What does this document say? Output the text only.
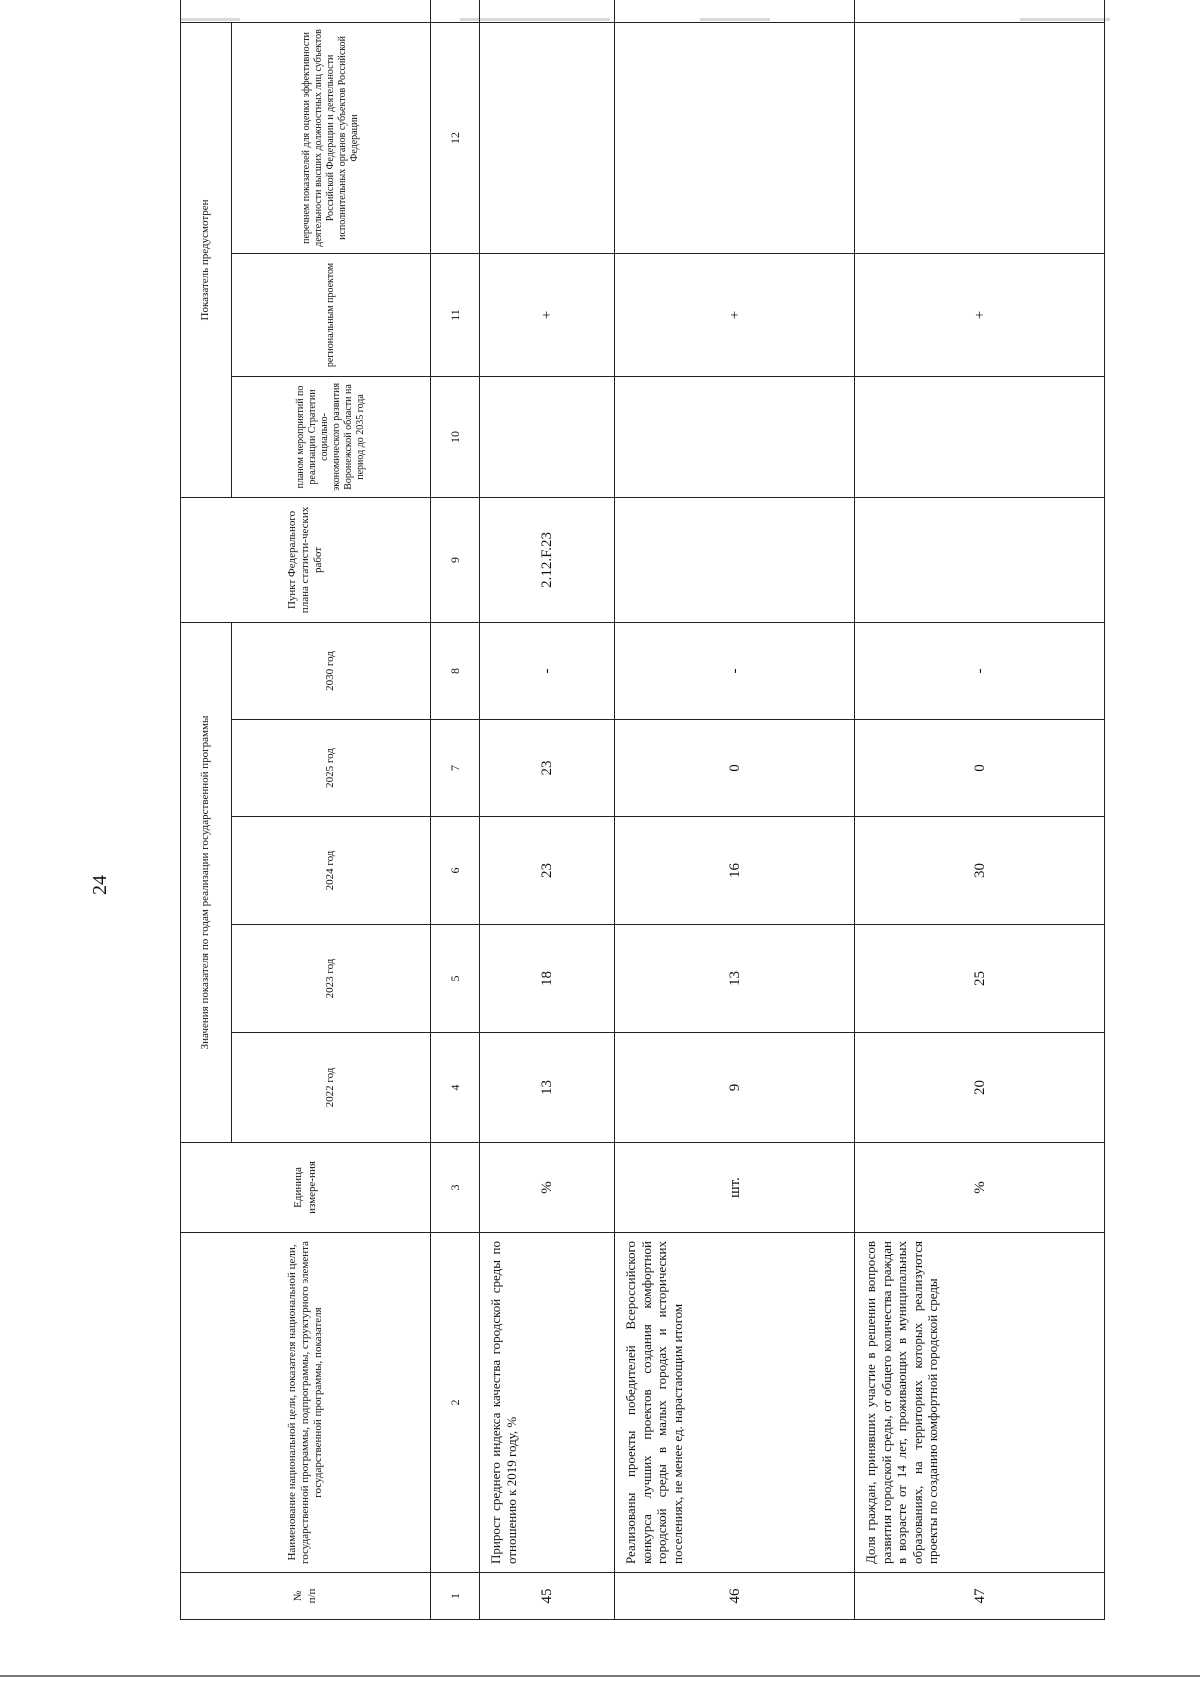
24
№
п/п	Наименование национальной цели, показателя национальной цели, государственной программы, подпрограммы, структурного элемента государственной программы, показателя	Единица измере-ния	Значения показателя по годам реализации государственной программы					Пункт Федерального плана статисти-ческих работ	Показатель предусмотрен	
			2022 год	2023 год	2024 год	2025 год	2030 год		планом мероприятий по реализации Стратегии социально-экономического развития Воронежской области на период до 2035 года	региональным проектом	перечнем показателей для оценки эффективности деятельности высших должностных лиц субъектов Российской Федерации и деятельности исполнительных органов субъектов Российской Федерации	
1	2	3	4	5	6	7	8	9	10	11	12	
45	Прирост среднего индекса качества городской среды по отношению к 2019 году, %	%	13	18	23	23	-	2.12.F.23		+		
46	Реализованы проекты победителей Всероссийского конкурса лучших проектов создания комфортной городской среды в малых городах и исторических поселениях, не менее ед. нарастающим итогом	шт.	9	13	16	0	-			+		
47	Доля граждан, принявших участие в решении вопросов развития городской среды, от общего количества граждан в возрасте от 14 лет, проживающих в муниципальных образованиях, на территориях которых реализуются проекты по созданию комфортной городской среды	%	20	25	30	0	-			+		
